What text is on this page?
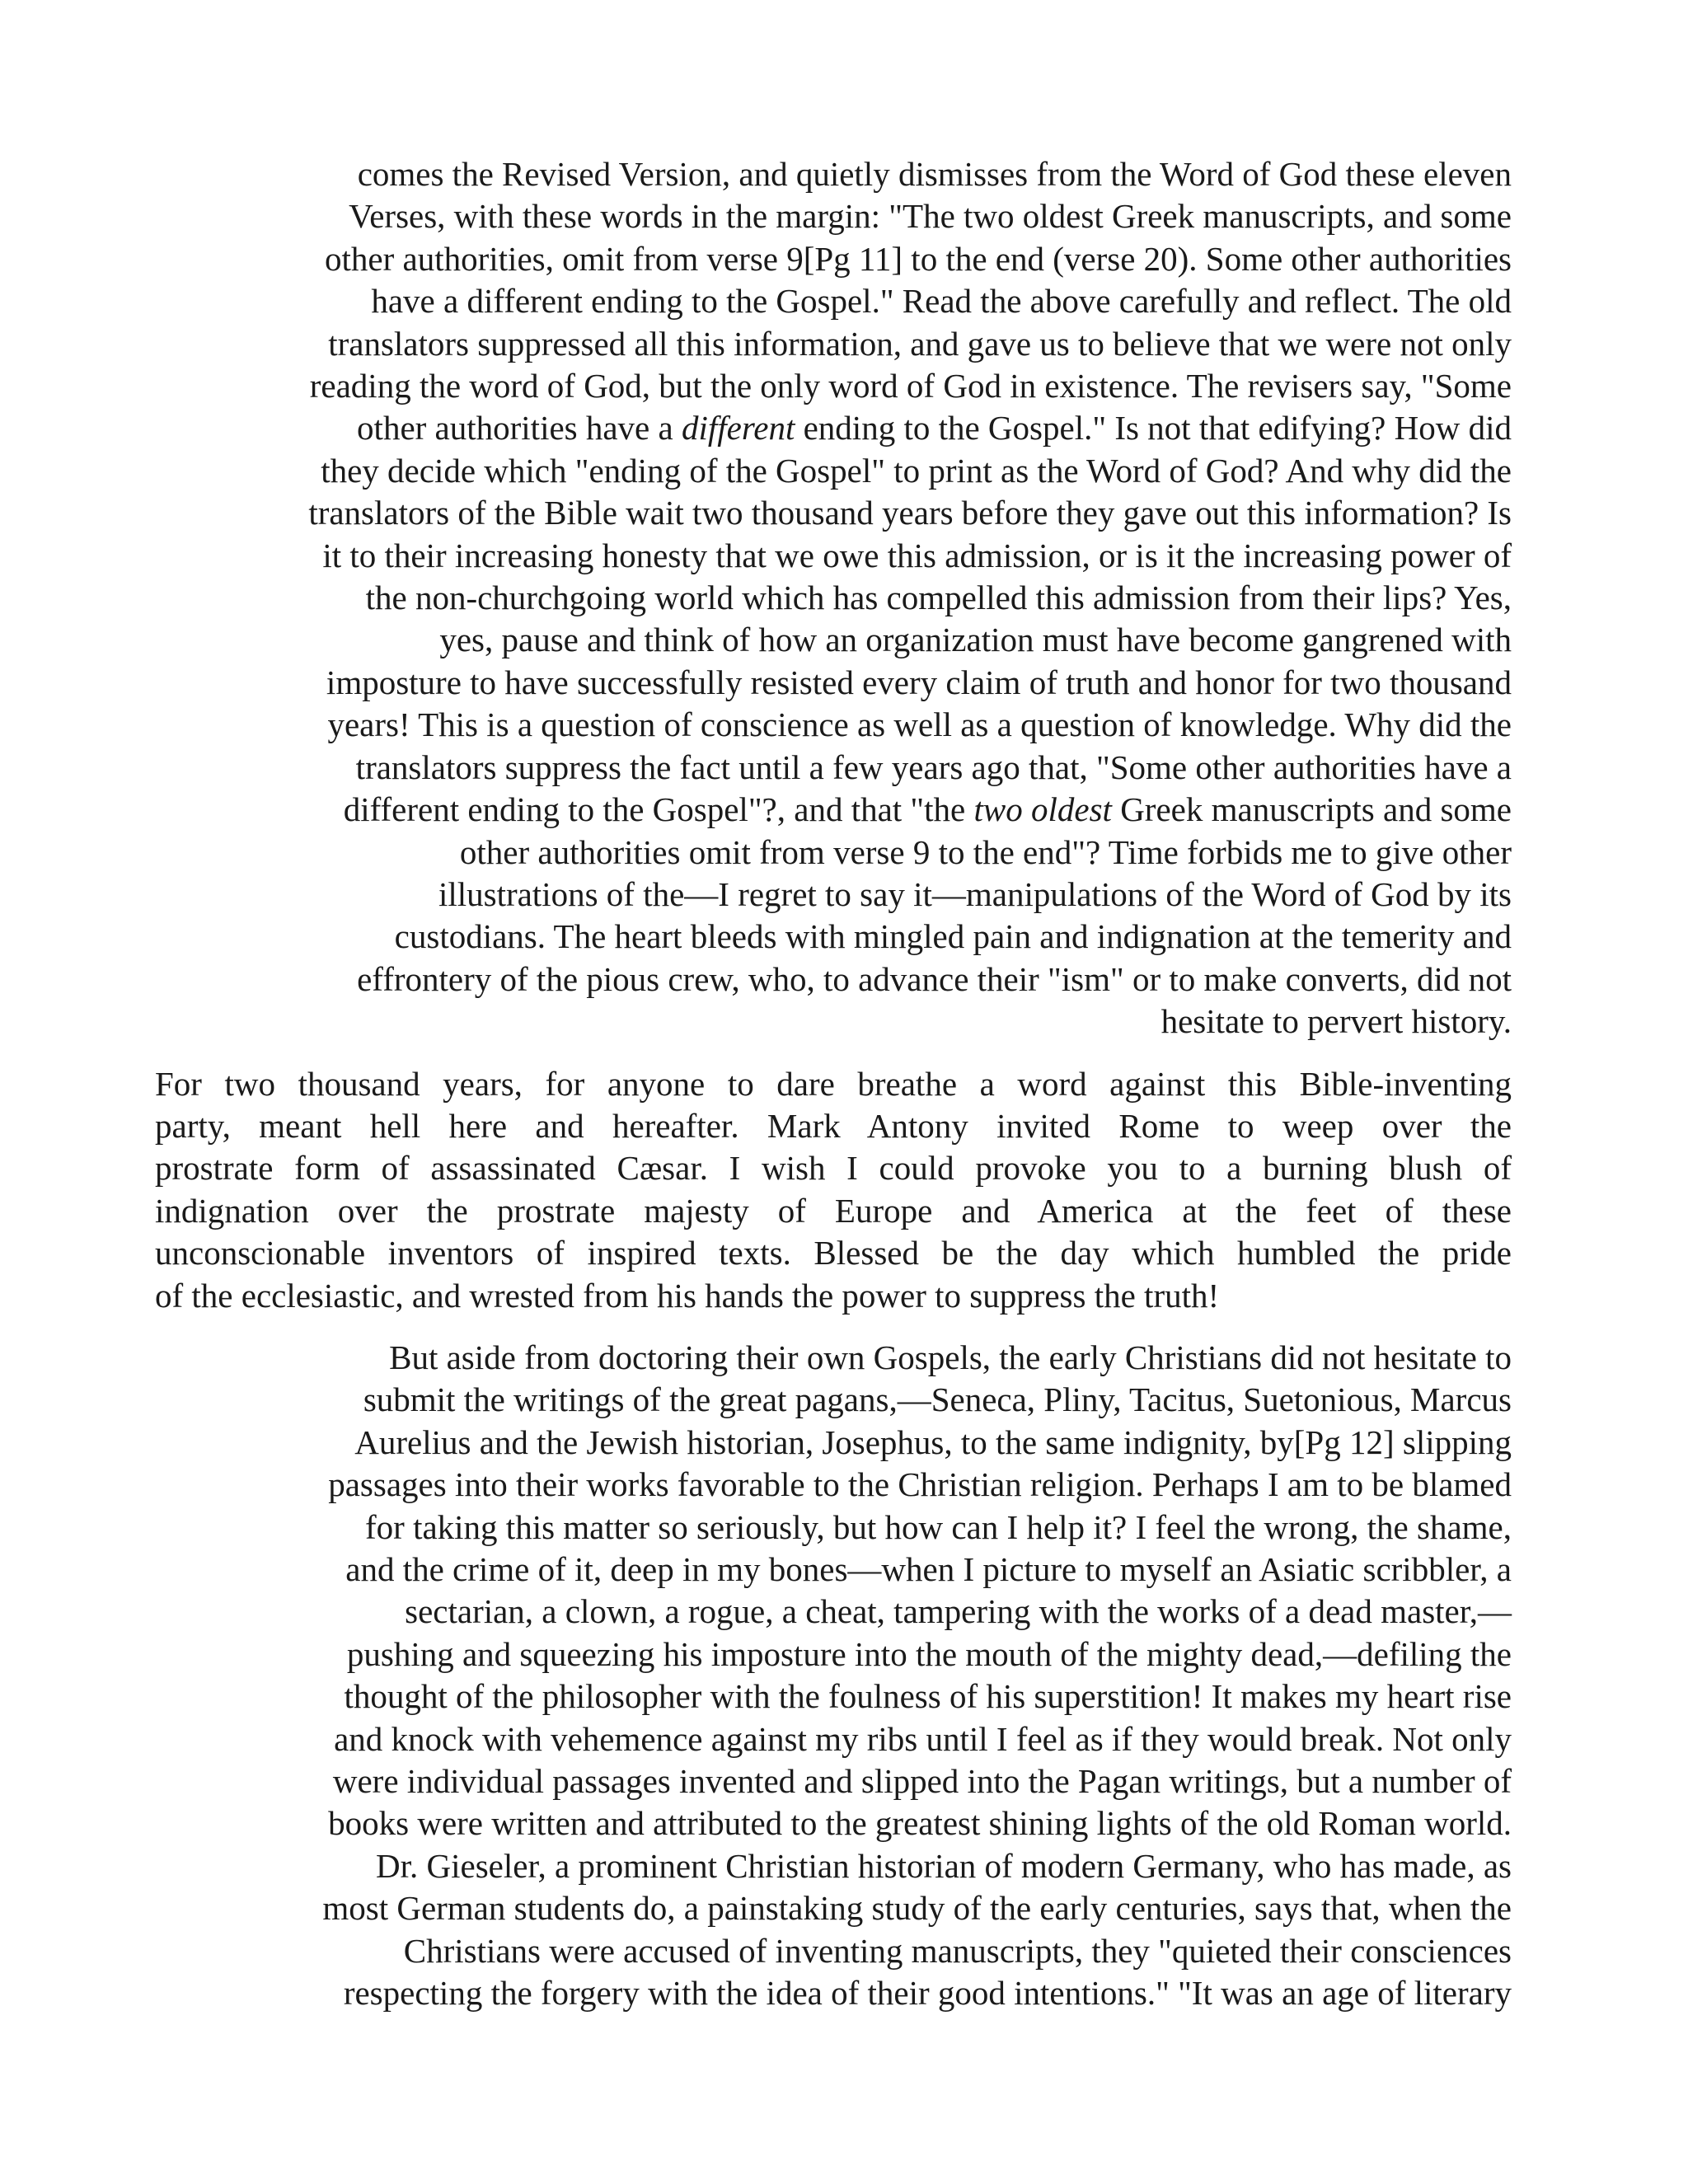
comes the Revised Version, and quietly dismisses from the Word of God these eleven
Verses, with these words in the margin: "The two oldest Greek manuscripts, and some
other authorities, omit from verse 9[Pg 11] to the end (verse 20). Some other authorities
have a different ending to the Gospel." Read the above carefully and reflect. The old
translators suppressed all this information, and gave us to believe that we were not only
reading the word of God, but the only word of God in existence. The revisers say, "Some
other authorities have a different ending to the Gospel." Is not that edifying? How did
they decide which "ending of the Gospel" to print as the Word of God? And why did the
translators of the Bible wait two thousand years before they gave out this information? Is
it to their increasing honesty that we owe this admission, or is it the increasing power of
the non-churchgoing world which has compelled this admission from their lips? Yes,
yes, pause and think of how an organization must have become gangrened with
imposture to have successfully resisted every claim of truth and honor for two thousand
years! This is a question of conscience as well as a question of knowledge. Why did the
translators suppress the fact until a few years ago that, "Some other authorities have a
different ending to the Gospel"?, and that "the two oldest Greek manuscripts and some
other authorities omit from verse 9 to the end"? Time forbids me to give other
illustrations of the—I regret to say it—manipulations of the Word of God by its
custodians. The heart bleeds with mingled pain and indignation at the temerity and
effrontery of the pious crew, who, to advance their "ism" or to make converts, did not
hesitate to pervert history.

For two thousand years, for anyone to dare breathe a word against this Bible-inventing
party, meant hell here and hereafter. Mark Antony invited Rome to weep over the
prostrate form of assassinated Cæsar. I wish I could provoke you to a burning blush of
indignation over the prostrate majesty of Europe and America at the feet of these
unconscionable inventors of inspired texts. Blessed be the day which humbled the pride
of the ecclesiastic, and wrested from his hands the power to suppress the truth!

But aside from doctoring their own Gospels, the early Christians did not hesitate to
submit the writings of the great pagans,—Seneca, Pliny, Tacitus, Suetonious, Marcus
Aurelius and the Jewish historian, Josephus, to the same indignity, by[Pg 12] slipping
passages into their works favorable to the Christian religion. Perhaps I am to be blamed
for taking this matter so seriously, but how can I help it? I feel the wrong, the shame,
and the crime of it, deep in my bones—when I picture to myself an Asiatic scribbler, a
sectarian, a clown, a rogue, a cheat, tampering with the works of a dead master,—
pushing and squeezing his imposture into the mouth of the mighty dead,—defiling the
thought of the philosopher with the foulness of his superstition! It makes my heart rise
and knock with vehemence against my ribs until I feel as if they would break. Not only
were individual passages invented and slipped into the Pagan writings, but a number of
books were written and attributed to the greatest shining lights of the old Roman world.
Dr. Gieseler, a prominent Christian historian of modern Germany, who has made, as
most German students do, a painstaking study of the early centuries, says that, when the
Christians were accused of inventing manuscripts, they "quieted their consciences
respecting the forgery with the idea of their good intentions." "It was an age of literary
